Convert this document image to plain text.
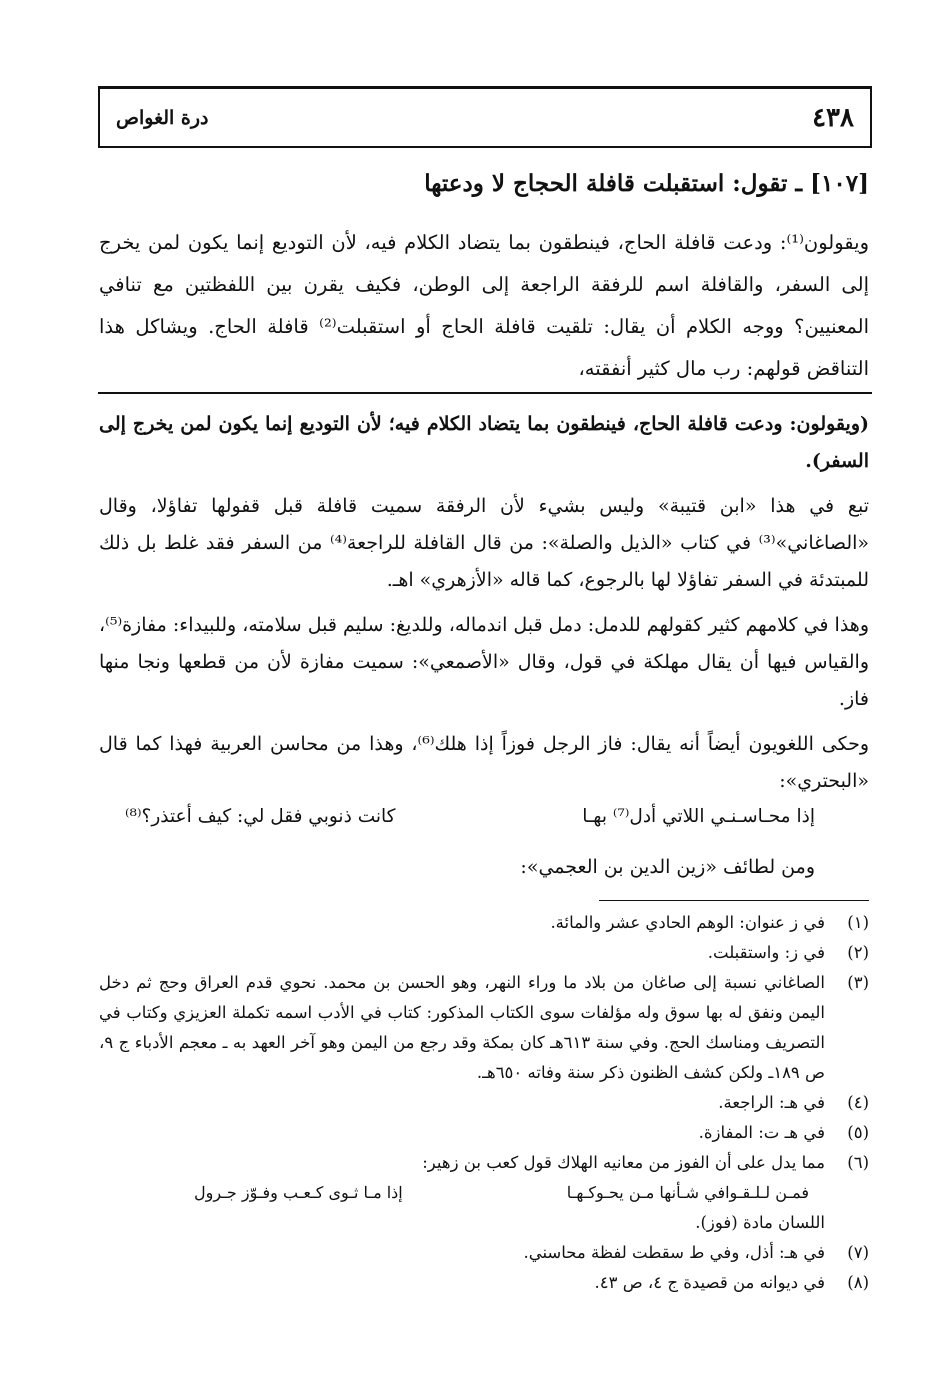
٤٣٨
درة الغواص
[١٠٧] ـ تقول: استقبلت قافلة الحجاج لا ودعتها

ويقولون⁽¹⁾: ودعت قافلة الحاج، فينطقون بما يتضاد الكلام فيه، لأن التوديع إنما يكون لمن يخرج إلى السفر، والقافلة اسم للرفقة الراجعة إلى الوطن، فكيف يقرن بين اللفظتين مع تنافي المعنيين؟ ووجه الكلام أن يقال: تلقيت قافلة الحاج أو استقبلت⁽²⁾ قافلة الحاج. ويشاكل هذا التناقض قولهم: رب مال كثير أنفقته،

(ويقولون: ودعت قافلة الحاج، فينطقون بما يتضاد الكلام فيه؛ لأن التوديع إنما يكون لمن يخرج إلى السفر).

تبع في هذا «ابن قتيبة» وليس بشيء لأن الرفقة سميت قافلة قبل قفولها تفاؤلا، وقال «الصاغاني»⁽³⁾ في كتاب «الذيل والصلة»: من قال القافلة للراجعة⁽⁴⁾ من السفر فقد غلط بل ذلك للمبتدئة في السفر تفاؤلا لها بالرجوع، كما قاله «الأزهري» اهـ.

وهذا في كلامهم كثير كقولهم للدمل: دمل قبل اندماله، وللديغ: سليم قبل سلامته، وللبيداء: مفازة⁽⁵⁾، والقياس فيها أن يقال مهلكة في قول، وقال «الأصمعي»: سميت مفازة لأن من قطعها ونجا منها فاز.

وحكى اللغويون أيضاً أنه يقال: فاز الرجل فوزاً إذا هلك⁽⁶⁾، وهذا من محاسن العربية فهذا كما قال «البحتري»:

إذا محـاسـنـي اللاتي أدل⁽⁷⁾ بهـا
كانت ذنوبي فقل لي: كيف أعتذر؟⁽⁸⁾
ومن لطائف «زين الدين بن العجمي»:
(١)
في ز عنوان: الوهم الحادي عشر والمائة.
(٢)
في ز: واستقبلت.
(٣)
الصاغاني نسبة إلى صاغان من بلاد ما وراء النهر، وهو الحسن بن محمد. نحوي قدم العراق وحج ثم دخل اليمن ونفق له بها سوق وله مؤلفات سوى الكتاب المذكور: كتاب في الأدب اسمه تكملة العزيزي وكتاب في التصريف ومناسك الحج. وفي سنة ٦١٣هـ كان بمكة وقد رجع من اليمن وهو آخر العهد به ـ معجم الأدباء ج ٩، ص ١٨٩ـ ولكن كشف الظنون ذكر سنة وفاته ٦٥٠هـ.
(٤)
في هـ: الراجعة.
(٥)
في هـ ت: المفازة.
(٦)
مما يدل على أن الفوز من معانيه الهلاك قول كعب بن زهير:
فمـن لـلـقـوافي شـأنها مـن يحـوكـهـا
إذا مـا ثـوى كـعـب وفـوّز جـرول
اللسان مادة (فوز).
(٧)
في هـ: أذل، وفي ط سقطت لفظة محاسني.
(٨)
في ديوانه من قصيدة ج ٤، ص ٤٣.
